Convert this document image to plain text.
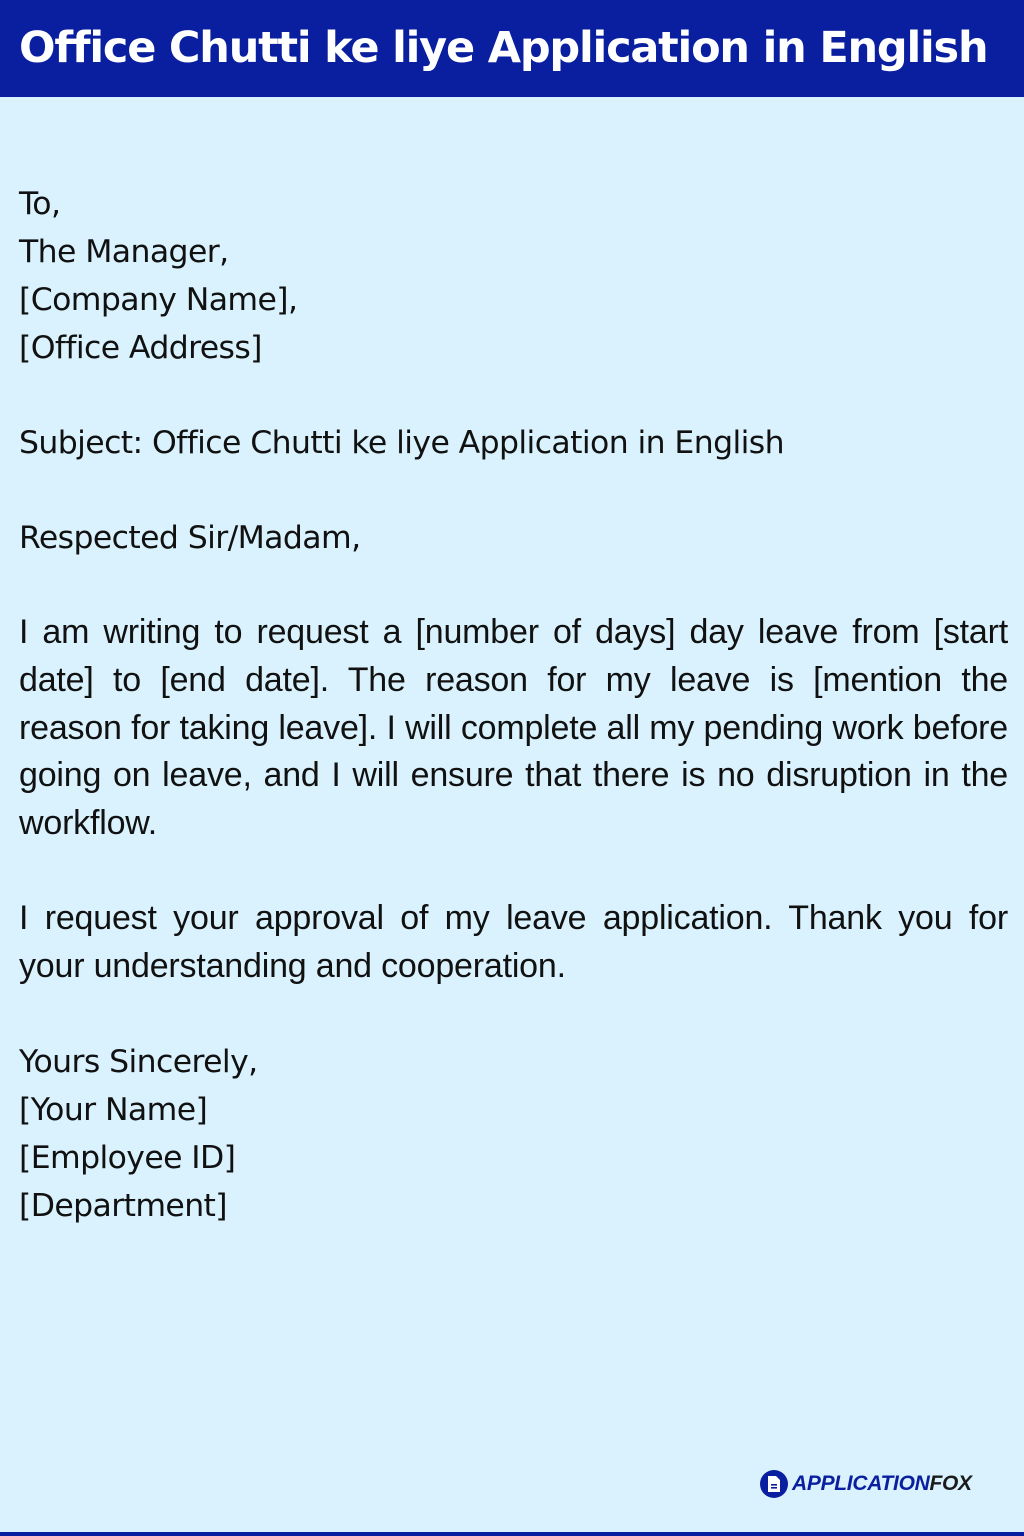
Office Chutti ke liye Application in English
To,
The Manager,
[Company Name],
[Office Address]
Subject: Office Chutti ke liye Application in English
Respected Sir/Madam,
I am writing to request a [number of days] day leave from [start date] to [end date]. The reason for my leave is [mention the reason for taking leave]. I will complete all my pending work before going on leave, and I will ensure that there is no disruption in the workflow.
I request your approval of my leave application. Thank you for your understanding and cooperation.
Yours Sincerely,
[Your Name]
[Employee ID]
[Department]
APPLICATIONFOX
